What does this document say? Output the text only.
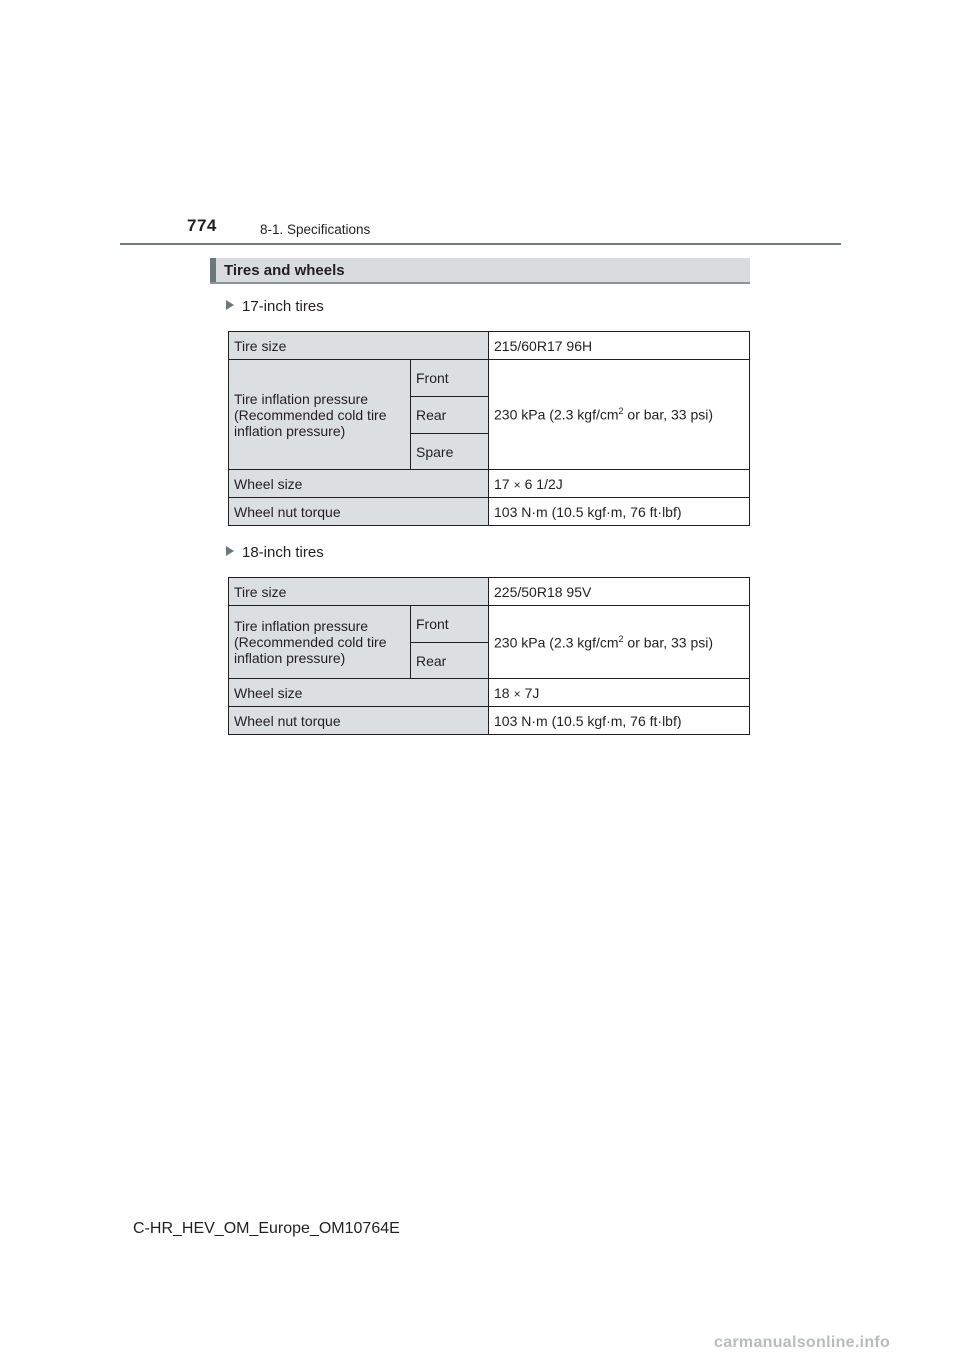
774	8-1. Specifications
Tires and wheels
17-inch tires
Tire size		215/60R17 96H
Tire inflation pressure (Recommended cold tire inflation pressure)	Front	230 kPa (2.3 kgf/$cm^2$ or bar, 33 psi)
	Rear	
	Spare	
Wheel size		17 × 6 1/2J
Wheel nut torque		103 N·m (10.5 kgf·m, 76 ft·lbf)
18-inch tires
Tire size		225/50R18 95V
Tire inflation pressure (Recommended cold tire inflation pressure)	Front	230 kPa (2.3 kgf/$cm^2$ or bar, 33 psi)
	Rear	
Wheel size		18 × 7J
Wheel nut torque		103 N·m (10.5 kgf·m, 76 ft·lbf)
C-HR_HEV_OM_Europe_OM10764E
carmanualsonline.info
